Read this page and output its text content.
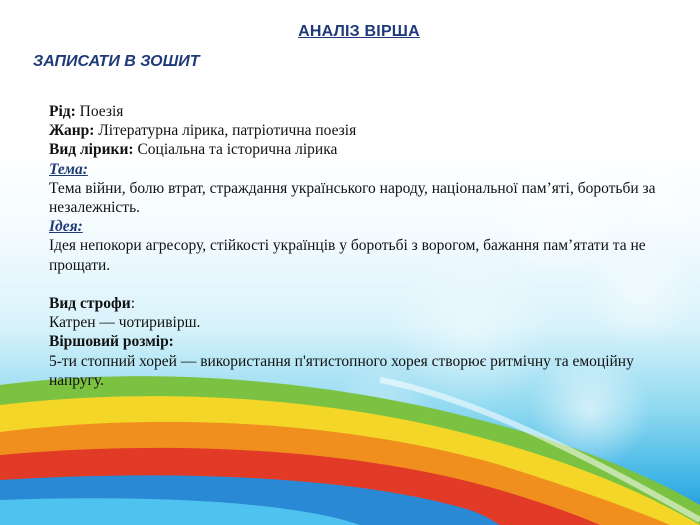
АНАЛІЗ ВІРША
ЗАПИСАТИ В ЗОШИТ

Рід: Поезія

Жанр: Літературна лірика, патріотична поезія

Вид лірики: Соціальна та історична лірика

Тема:

Тема війни, болю втрат, страждання українського народу, національної пам’яті, боротьби за незалежність.

Ідея:

Ідея непокори агресору, стійкості українців у боротьбі з ворогом, бажання пам’ятати та не прощати.

Вид строфи:

Катрен — чотиривірш.

Віршовий розмір:

5-ти стопний хорей — використання п'ятистопного хорея створює ритмічну та емоційну напругу.
